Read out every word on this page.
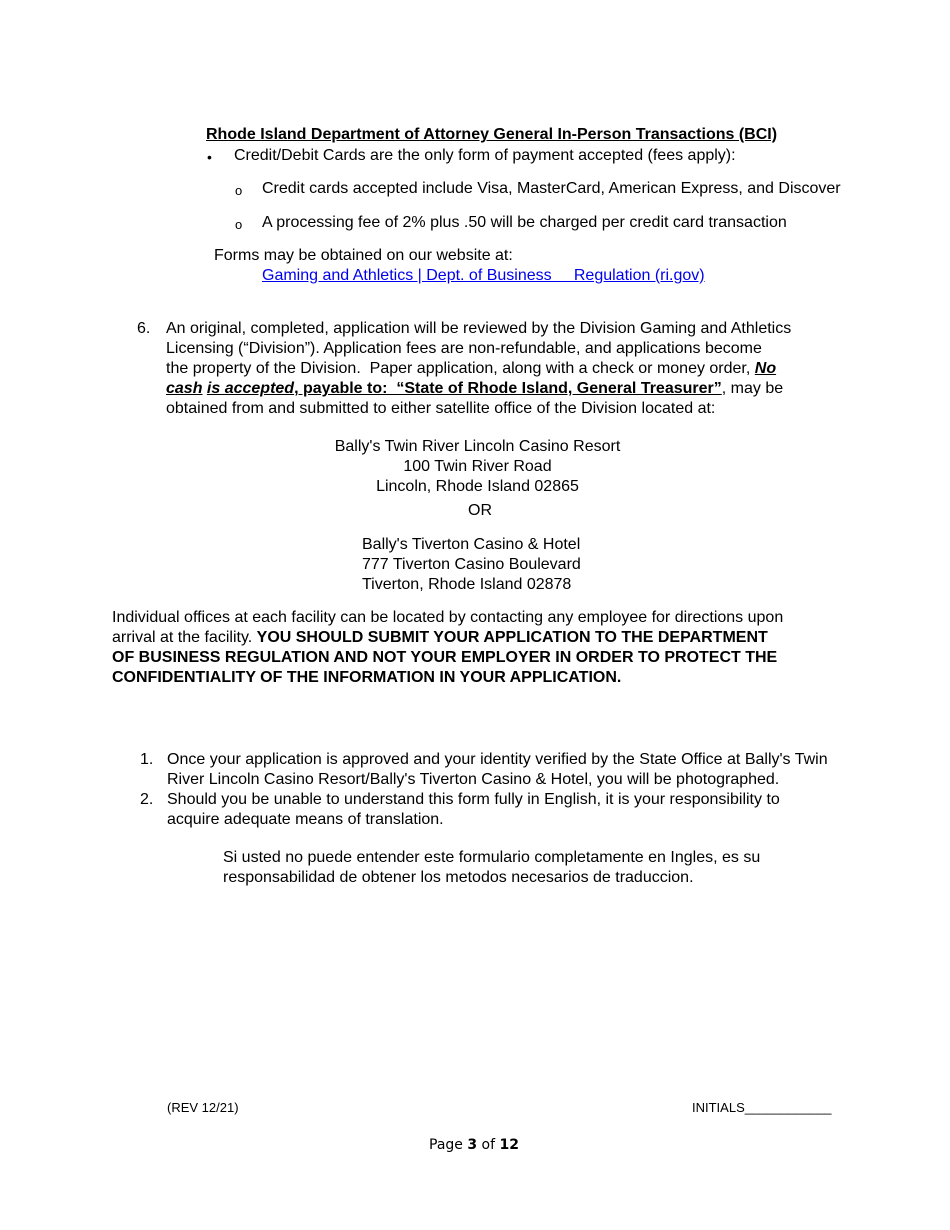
Rhode Island Department of Attorney General In-Person Transactions (BCI)
• Credit/Debit Cards are the only form of payment accepted (fees apply):
o Credit cards accepted include Visa, MasterCard, American Express, and Discover
o A processing fee of 2% plus .50 will be charged per credit card transaction
Forms may be obtained on our website at:
Gaming and Athletics | Dept. of Business     Regulation (ri.gov)
6. An original, completed, application will be reviewed by the Division Gaming and Athletics
Licensing (“Division”). Application fees are non-refundable, and applications become
the property of the Division.  Paper application, along with a check or money order, No
cash is accepted, payable to:  “State of Rhode Island, General Treasurer”, may be
obtained from and submitted to either satellite office of the Division located at:
Bally's Twin River Lincoln Casino Resort
100 Twin River Road
Lincoln, Rhode Island 02865
OR
Bally's Tiverton Casino & Hotel
777 Tiverton Casino Boulevard
Tiverton, Rhode Island 02878
Individual offices at each facility can be located by contacting any employee for directions upon
arrival at the facility. YOU SHOULD SUBMIT YOUR APPLICATION TO THE DEPARTMENT
OF BUSINESS REGULATION AND NOT YOUR EMPLOYER IN ORDER TO PROTECT THE
CONFIDENTIALITY OF THE INFORMATION IN YOUR APPLICATION.
1. Once your application is approved and your identity verified by the State Office at Bally's Twin
River Lincoln Casino Resort/Bally's Tiverton Casino & Hotel, you will be photographed.
2. Should you be unable to understand this form fully in English, it is your responsibility to
acquire adequate means of translation.
Si usted no puede entender este formulario completamente en Ingles, es su
responsabilidad de obtener los metodos necesarios de traduccion.
(REV 12/21)	INITIALS____________
Page 3 of 12
